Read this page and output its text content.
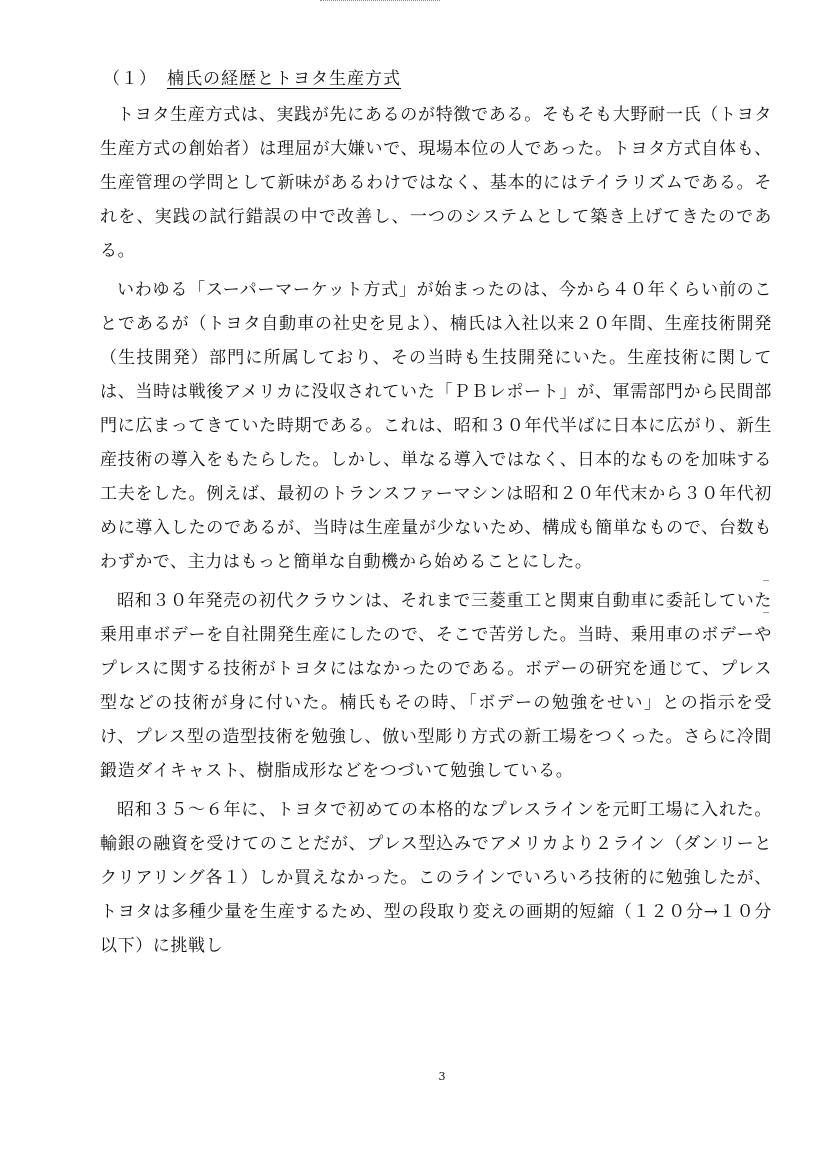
（１） 楠氏の経歴とトヨタ生産方式

トヨタ生産方式は、実践が先にあるのが特徴である。そもそも大野耐一氏（トヨタ生産方式の創始者）は理屈が大嫌いで、現場本位の人であった。トヨタ方式自体も、生産管理の学問として新味があるわけではなく、基本的にはテイラリズムである。それを、実践の試行錯誤の中で改善し、一つのシステムとして築き上げてきたのである。

いわゆる「スーパーマーケット方式」が始まったのは、今から４０年くらい前のことであるが（トヨタ自動車の社史を見よ）、楠氏は入社以来２０年間、生産技術開発（生技開発）部門に所属しており、その当時も生技開発にいた。生産技術に関しては、当時は戦後アメリカに没収されていた「ＰＢレポート」が、軍需部門から民間部門に広まってきていた時期である。これは、昭和３０年代半ばに日本に広がり、新生産技術の導入をもたらした。しかし、単なる導入ではなく、日本的なものを加味する工夫をした。例えば、最初のトランスファーマシンは昭和２０年代末から３０年代初めに導入したのであるが、当時は生産量が少ないため、構成も簡単なもので、台数もわずかで、主力はもっと簡単な自動機から始めることにした。

昭和３０年発売の初代クラウンは、それまで三菱重工と関東自動車に委託していた乗用車ボデーを自社開発生産にしたので、そこで苦労した。当時、乗用車のボデーやプレスに関する技術がトヨタにはなかったのである。ボデーの研究を通じて、プレス型などの技術が身に付いた。楠氏もその時、「ボデーの勉強をせい」との指示を受け、プレス型の造型技術を勉強し、倣い型彫り方式の新工場をつくった。さらに冷間鍛造ダイキャスト、樹脂成形などをつづいて勉強している。

昭和３５～６年に、トヨタで初めての本格的なプレスラインを元町工場に入れた。輸銀の融資を受けてのことだが、プレス型込みでアメリカより２ライン（ダンリーとクリアリング各１）しか買えなかった。このラインでいろいろ技術的に勉強したが、トヨタは多種少量を生産するため、型の段取り変えの画期的短縮（１２０分→１０分以下）に挑戦し

3
